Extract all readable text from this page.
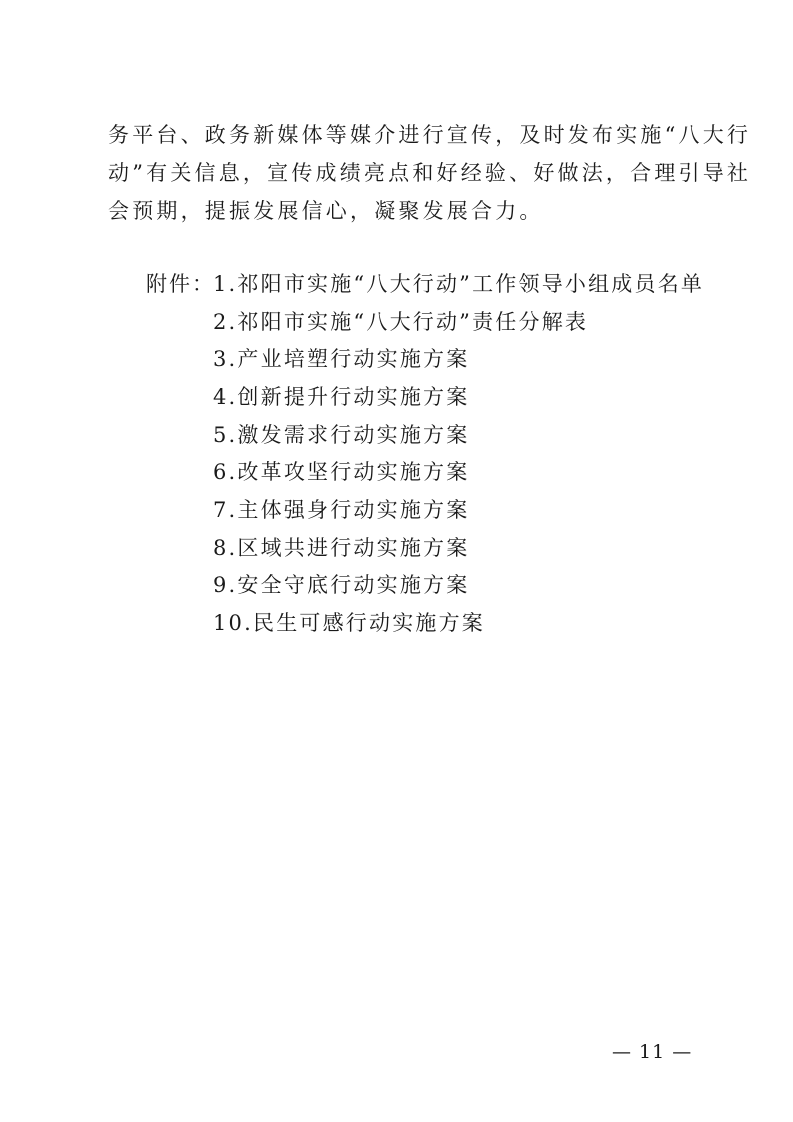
务平台、政务新媒体等媒介进行宣传，及时发布实施“八大行
动”有关信息，宣传成绩亮点和好经验、好做法，合理引导社
会预期，提振发展信心，凝聚发展合力。
附件：
1.祁阳市实施“八大行动”工作领导小组成员名单
2.祁阳市实施“八大行动”责任分解表
3.产业培塑行动实施方案
4.创新提升行动实施方案
5.激发需求行动实施方案
6.改革攻坚行动实施方案
7.主体强身行动实施方案
8.区域共进行动实施方案
9.安全守底行动实施方案
10.民生可感行动实施方案
— 11 —
